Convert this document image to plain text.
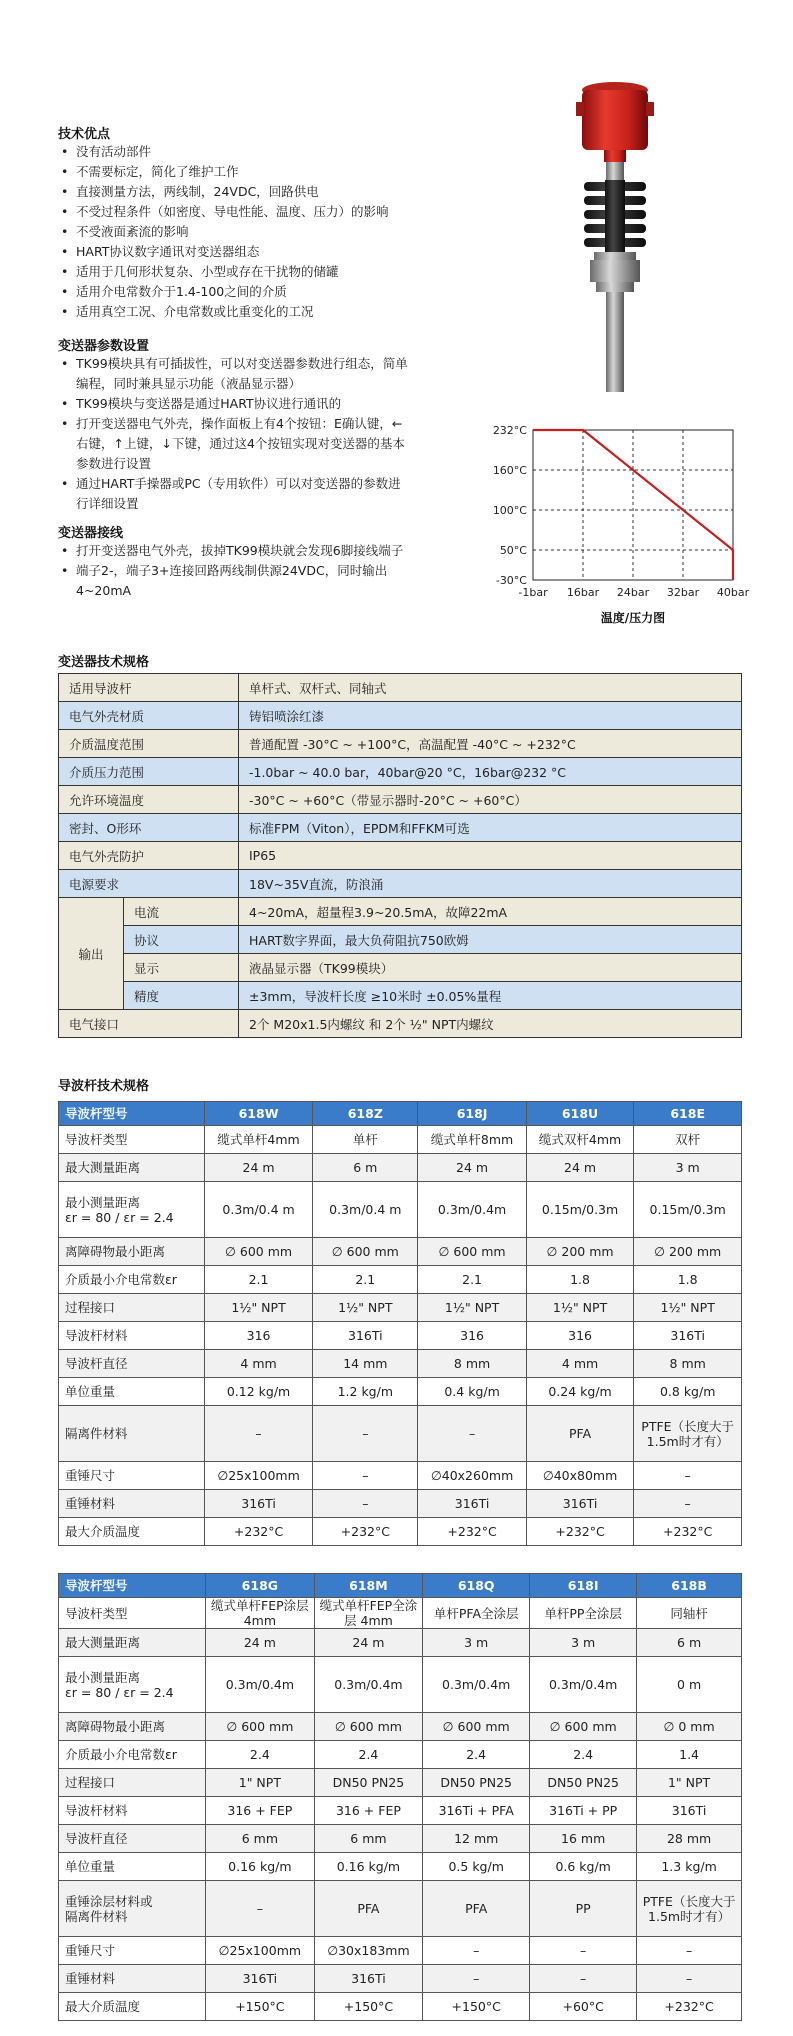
技术优点
• 没有活动部件
• 不需要标定，简化了维护工作
• 直接测量方法，两线制，24VDC，回路供电
• 不受过程条件（如密度、导电性能、温度、压力）的影响
• 不受液面紊流的影响
• HART协议数字通讯对变送器组态
• 适用于几何形状复杂、小型或存在干扰物的储罐
• 适用介电常数介于1.4-100之间的介质
• 适用真空工况、介电常数或比重变化的工况
变送器参数设置
• TK99模块具有可插拔性，可以对变送器参数进行组态，简单编程，同时兼具显示功能（液晶显示器）
• TK99模块与变送器是通过HART协议进行通讯的
• 打开变送器电气外壳，操作面板上有4个按钮：E确认键，←右键，↑上键，↓下键，通过这4个按钮实现对变送器的基本参数进行设置
• 通过HART手操器或PC（专用软件）可以对变送器的参数进行详细设置
变送器接线
• 打开变送器电气外壳，拔掉TK99模块就会发现6脚接线端子
• 端子2-，端子3+连接回路两线制供源24VDC，同时输出4~20mA
232°C
160°C
100°C
50°C
-30°C
-1bar 16bar 24bar 32bar 40bar
温度/压力图
变送器技术规格
适用导波杆		单杆式、双杆式、同轴式
电气外壳材质		铸铝喷涂红漆
介质温度范围		普通配置 -30°C ~ +100°C，高温配置 -40°C ~ +232°C
介质压力范围		-1.0bar ~ 40.0 bar，40bar@20 °C，16bar@232 °C
允许环境温度		-30°C ~ +60°C（带显示器时-20°C ~ +60°C）
密封、O形环		标准FPM（Viton），EPDM和FFKM可选
电气外壳防护		IP65
电源要求		18V~35V直流，防浪涌
输出	电流	4~20mA，超量程3.9~20.5mA，故障22mA
	协议	HART数字界面，最大负荷阻抗750欧姆
	显示	液晶显示器（TK99模块）
	精度	±3mm，导波杆长度 ≥10米时 ±0.05%量程
电气接口		2个 M20x1.5内螺纹 和 2个 ½" NPT内螺纹
导波杆技术规格
导波杆型号	618W	618Z	618J	618U	618E
导波杆类型	缆式单杆4mm	单杆	缆式单杆8mm	缆式双杆4mm	双杆
最大测量距离	24 m	6 m	24 m	24 m	3 m
最小测量距离
εr = 80 / εr = 2.4	0.3m/0.4 m	0.3m/0.4 m	0.3m/0.4m	0.15m/0.3m	0.15m/0.3m
离障碍物最小距离	∅ 600 mm	∅ 600 mm	∅ 600 mm	∅ 200 mm	∅ 200 mm
介质最小介电常数εr	2.1	2.1	2.1	1.8	1.8
过程接口	1½" NPT	1½" NPT	1½" NPT	1½" NPT	1½" NPT
导波杆材料	316	316Ti	316	316	316Ti
导波杆直径	4 mm	14 mm	8 mm	4 mm	8 mm
单位重量	0.12 kg/m	1.2 kg/m	0.4 kg/m	0.24 kg/m	0.8 kg/m
隔离件材料	–	–	–	PFA	PTFE（长度大于1.5m时才有）
重锤尺寸	∅25x100mm	–	∅40x260mm	∅40x80mm	–
重锤材料	316Ti	–	316Ti	316Ti	–
最大介质温度	+232°C	+232°C	+232°C	+232°C	+232°C
导波杆型号	618G	618M	618Q	618I	618B
导波杆类型	缆式单杆FEP涂层 4mm	缆式单杆FEP全涂层 4mm	单杆PFA全涂层	单杆PP全涂层	同轴杆
最大测量距离	24 m	24 m	3 m	3 m	6 m
最小测量距离
εr = 80 / εr = 2.4	0.3m/0.4m	0.3m/0.4m	0.3m/0.4m	0.3m/0.4m	0 m
离障碍物最小距离	∅ 600 mm	∅ 600 mm	∅ 600 mm	∅ 600 mm	∅ 0 mm
介质最小介电常数εr	2.4	2.4	2.4	2.4	1.4
过程接口	1" NPT	DN50 PN25	DN50 PN25	DN50 PN25	1" NPT
导波杆材料	316 + FEP	316 + FEP	316Ti + PFA	316Ti + PP	316Ti
导波杆直径	6 mm	6 mm	12 mm	16 mm	28 mm
单位重量	0.16 kg/m	0.16 kg/m	0.5 kg/m	0.6 kg/m	1.3 kg/m
重锤涂层材料或
隔离件材料	–	PFA	PFA	PP	PTFE（长度大于1.5m时才有）
重锤尺寸	∅25x100mm	∅30x183mm	–	–	–
重锤材料	316Ti	316Ti	–	–	–
最大介质温度	+150°C	+150°C	+150°C	+60°C	+232°C
